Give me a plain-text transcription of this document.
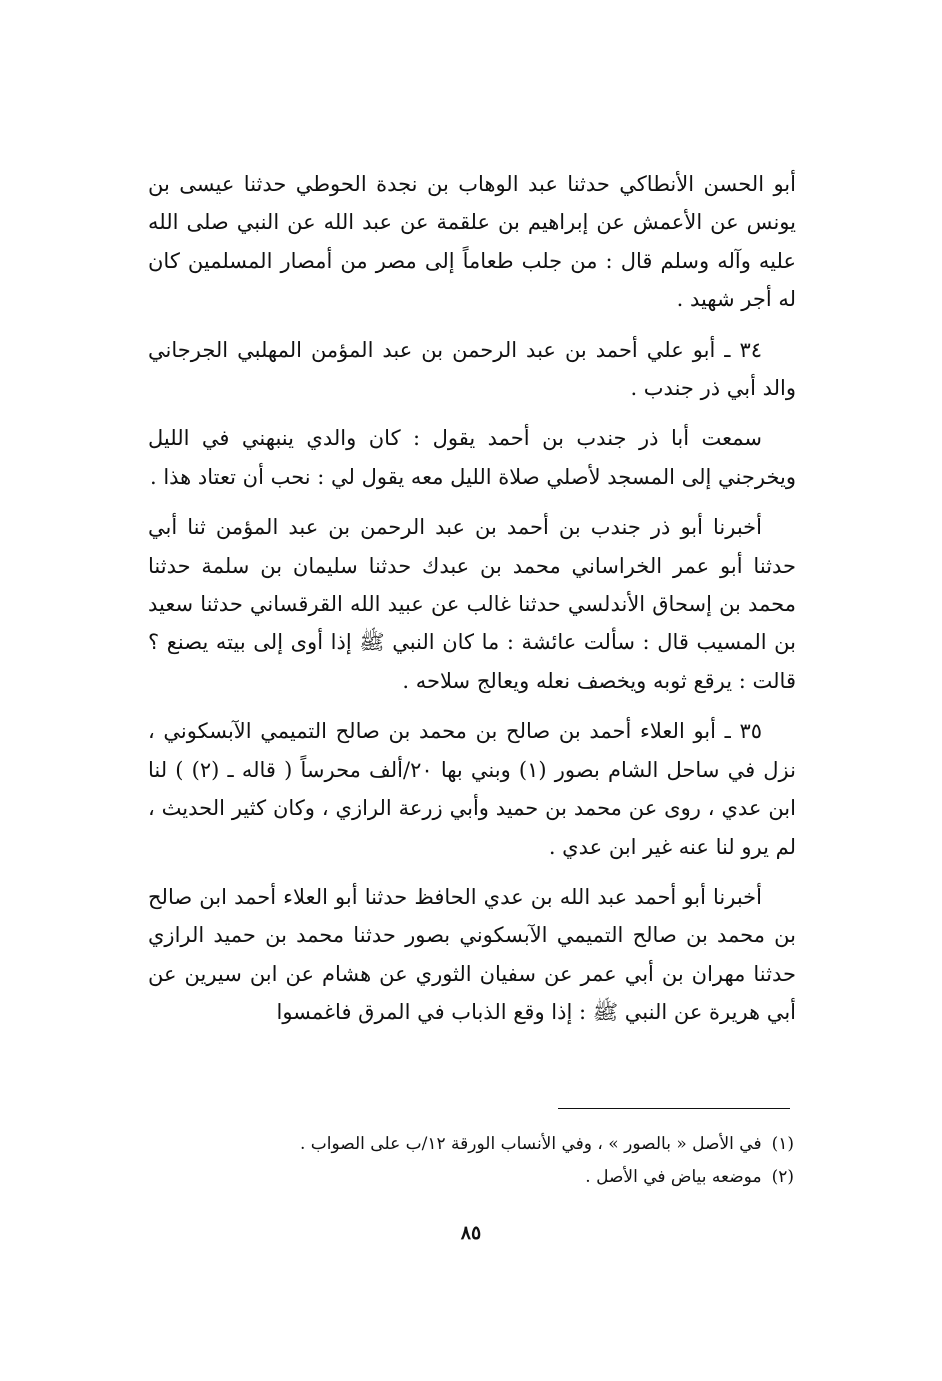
أبو الحسن الأنطاكي حدثنا عبد الوهاب بن نجدة الحوطي حدثنا عيسى بن يونس عن الأعمش عن إبراهيم بن علقمة عن عبد الله عن النبي صلى الله عليه وآله وسلم قال : من جلب طعاماً إلى مصر من أمصار المسلمين كان له أجر شهيد .

٣٤ ـ أبو علي أحمد بن عبد الرحمن بن عبد المؤمن المهلبي الجرجاني والد أبي ذر جندب .

سمعت أبا ذر جندب بن أحمد يقول : كان والدي ينبهني في الليل ويخرجني إلى المسجد لأصلي صلاة الليل معه يقول لي : نحب أن تعتاد هذا .

أخبرنا أبو ذر جندب بن أحمد بن عبد الرحمن بن عبد المؤمن ثنا أبي حدثنا أبو عمر الخراساني محمد بن عبدك حدثنا سليمان بن سلمة حدثنا محمد بن إسحاق الأندلسي حدثنا غالب عن عبيد الله القرقساني حدثنا سعيد بن المسيب قال : سألت عائشة : ما كان النبي ﷺ إذا أوى إلى بيته يصنع ؟ قالت : يرقع ثوبه ويخصف نعله ويعالج سلاحه .

٣٥ ـ أبو العلاء أحمد بن صالح بن محمد بن صالح التميمي الآبسكوني ، نزل في ساحل الشام بصور (١) وبني بها ٢٠/ألف محرساً ( قاله ـ (٢) ) لنا ابن عدي ، روى عن محمد بن حميد وأبي زرعة الرازي ، وكان كثير الحديث ، لم يرو لنا عنه غير ابن عدي .

أخبرنا أبو أحمد عبد الله بن عدي الحافظ حدثنا أبو العلاء أحمد ابن صالح بن محمد بن صالح التميمي الآبسكوني بصور حدثنا محمد بن حميد الرازي حدثنا مهران بن أبي عمر عن سفيان الثوري عن هشام عن ابن سيرين عن أبي هريرة عن النبي ﷺ : إذا وقع الذباب في المرق فاغمسوا

(١)في الأصل « بالصور » ، وفي الأنساب الورقة ١٢/ب على الصواب .

(٢)موضعه بياض في الأصل .

٨٥
